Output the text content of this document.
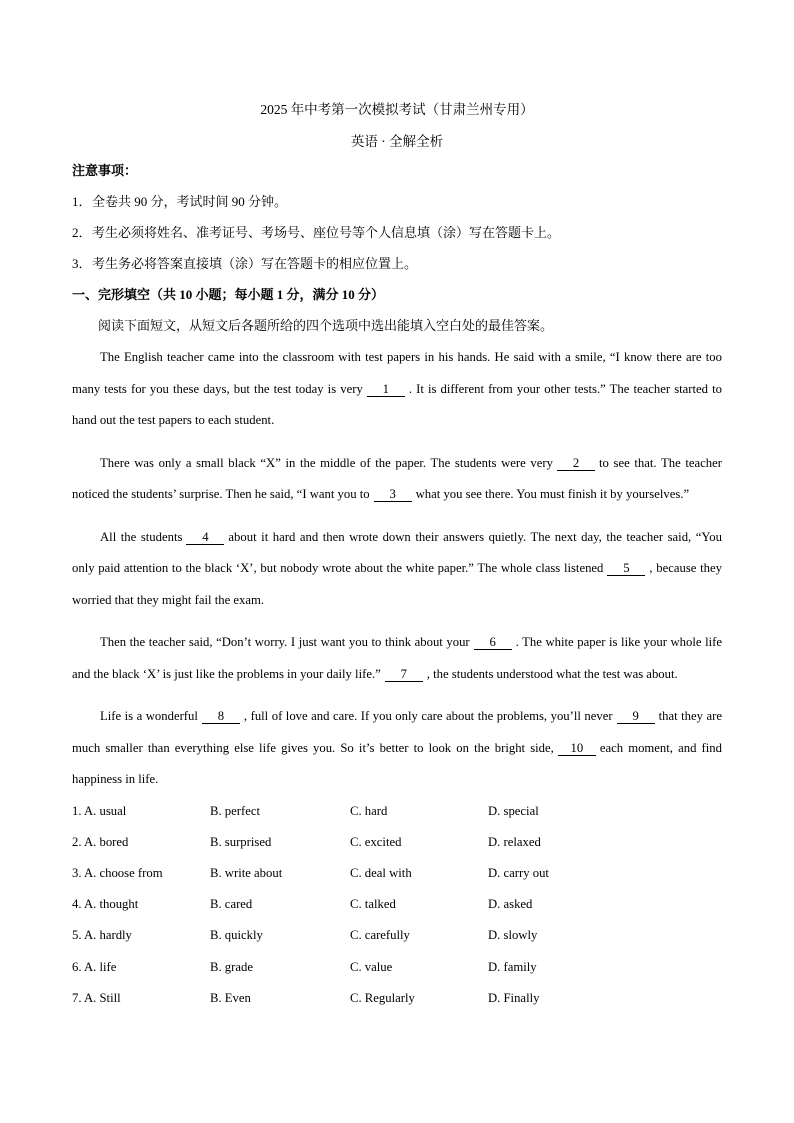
2025 年中考第一次模拟考试（甘肃兰州专用）
英语 · 全解全析
注意事项：
1．全卷共 90 分，考试时间 90 分钟。
2．考生必须将姓名、准考证号、考场号、座位号等个人信息填（涂）写在答题卡上。
3．考生务必将答案直接填（涂）写在答题卡的相应位置上。
一、完形填空（共 10 小题；每小题 1 分，满分 10 分）
阅读下面短文，从短文后各题所给的四个选项中选出能填入空白处的最佳答案。
The English teacher came into the classroom with test papers in his hands. He said with a smile, “I know there are too many tests for you these days, but the test today is very 1 . It is different from your other tests.” The teacher started to hand out the test papers to each student.
There was only a small black “X” in the middle of the paper. The students were very 2 to see that. The teacher noticed the students’ surprise. Then he said, “I want you to 3 what you see there. You must finish it by yourselves.”
All the students 4 about it hard and then wrote down their answers quietly. The next day, the teacher said, “You only paid attention to the black ‘X’, but nobody wrote about the white paper.” The whole class listened 5 , because they worried that they might fail the exam.
Then the teacher said, “Don’t worry. I just want you to think about your 6 . The white paper is like your whole life and the black ‘X’ is just like the problems in your daily life.” 7 , the students understood what the test was about.
Life is a wonderful 8 , full of love and care. If you only care about the problems, you’ll never 9 that they are much smaller than everything else life gives you. So it’s better to look on the bright side, 10 each moment, and find happiness in life.
1. A. usual	B. perfect	C. hard	D. special
2. A. bored	B. surprised	C. excited	D. relaxed
3. A. choose from	B. write about	C. deal with	D. carry out
4. A. thought	B. cared	C. talked	D. asked
5. A. hardly	B. quickly	C. carefully	D. slowly
6. A. life	B. grade	C. value	D. family
7. A. Still	B. Even	C. Regularly	D. Finally
